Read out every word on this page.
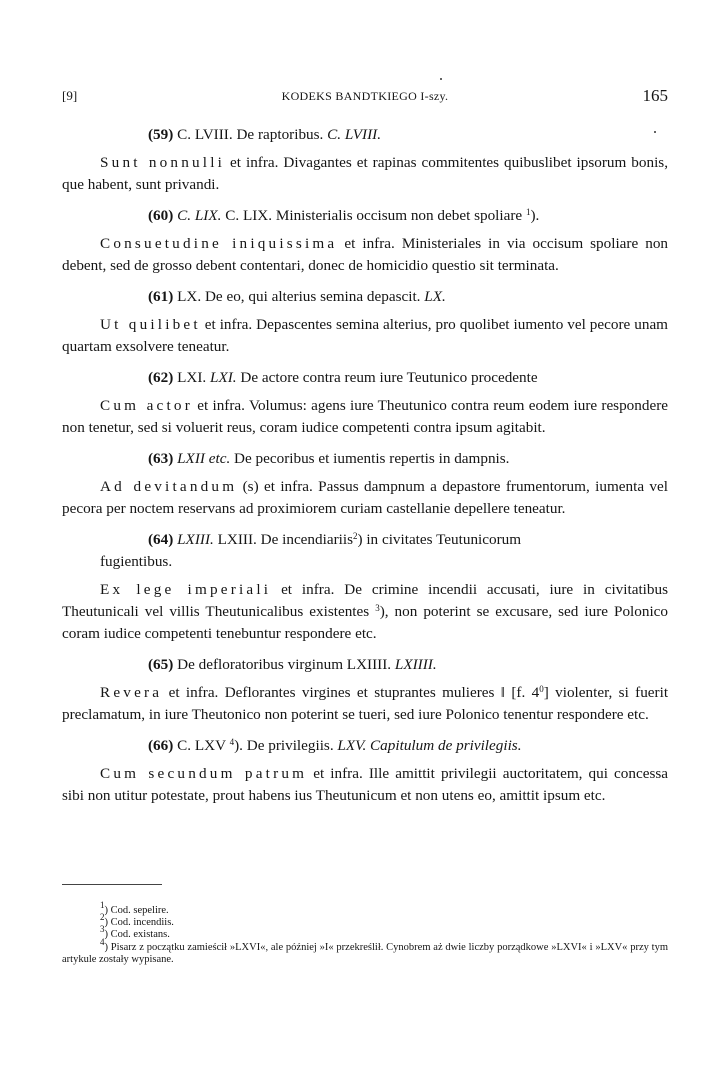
[9]	KODEKS BANDTKIEGO I-szy.	165

(59) C. LVIII. De raptoribus. C. LVIII.

Sunt nonnulli et infra. Divagantes et rapinas commitentes quibuslibet ipsorum bonis, que habent, sunt privandi.

(60) C. LIX. C. LIX. Ministerialis occisum non debet spoliare $^1$).

Consuetudine iniquissima et infra. Ministeriales in via occisum spoliare non debent, sed de grosso debent contentari, donec de homicidio questio sit terminata.

(61) LX. De eo, qui alterius semina depascit. LX.

Ut quilibet et infra. Depascentes semina alterius, pro quolibet iumento vel pecore unam quartam exsolvere teneatur.

(62) LXI. LXI. De actore contra reum iure Teutunico procedente

Cum actor et infra. Volumus: agens iure Theutunico contra reum eodem iure respondere non tenetur, sed si voluerit reus, coram iudice competenti contra ipsum agitabit.

(63) LXII etc. De pecoribus et iumentis repertis in dampnis.

Ad devitandum (s) et infra. Passus dampnum a depastore frumentorum, iumenta vel pecora per noctem reservans ad proximiorem curiam castellanie depellere teneatur.

(64) LXIII. LXIII. De incendiariis$^2$) in civitates Teutunicorum

fugientibus.

Ex lege imperiali et infra. De crimine incendii accusati, iure in civitatibus Theutunicali vel villis Theutunicalibus existentes $^3$), non poterint se excusare, sed iure Polonico coram iudice competenti tenebuntur respondere etc.

(65) De defloratoribus virginum LXIIII. LXIIII.

Revera et infra. Deflorantes virgines et stuprantes mulieres ‖ [f. $4^0$] violenter, si fuerit preclamatum, in iure Theutonico non poterint se tueri, sed iure Polonico tenentur respondere etc.

(66) C. LXV $^4$). De privilegiis. LXV. Capitulum de privilegiis.

Cum secundum patrum et infra. Ille amittit privilegii auctoritatem, qui concessa sibi non utitur potestate, prout habens ius Theutunicum et non utens eo, amittit ipsum etc.

$^1$) Cod. sepelire.

$^2$) Cod. incendiis.

$^3$) Cod. existans.

$^4$) Pisarz z początku zamieścił »LXVI«, ale później »I« przekreślił. Cynobrem aż dwie liczby porządkowe »LXVI« i »LXV« przy tym artykule zostały wypisane.
